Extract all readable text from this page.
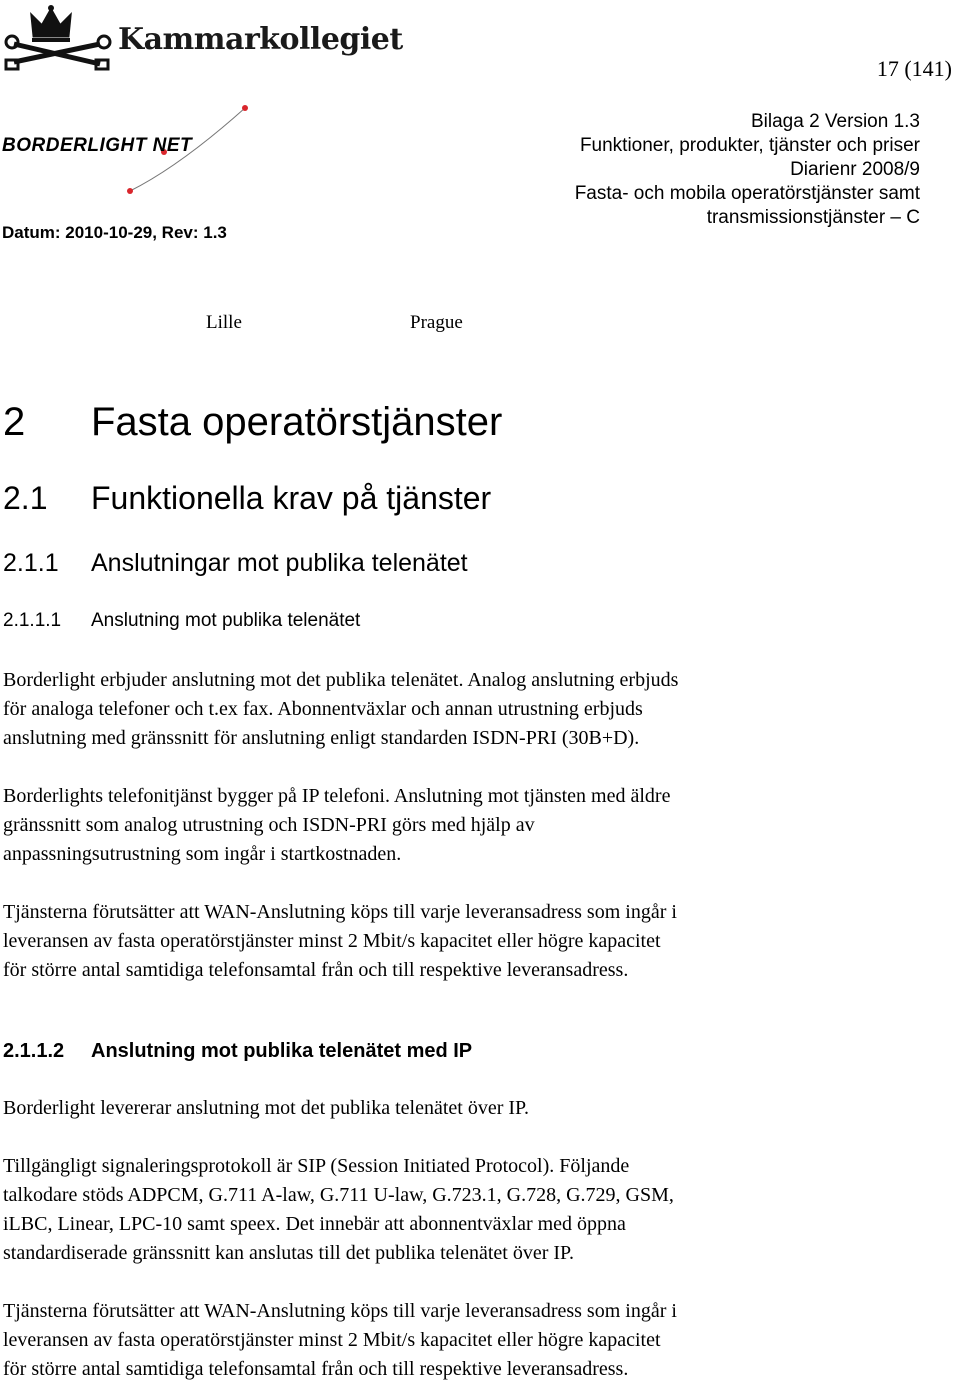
Kammarkollegiet
17 (141)
BORDERLIGHT NET
Datum: 2010-10-29, Rev: 1.3
Bilaga 2 Version 1.3
Funktioner, produkter, tjänster och priser
Diarienr 2008/9
Fasta- och mobila operatörstjänster samt
transmissionstjänster – C
Lille	Prague
2 Fasta operatörstjänster
2.1 Funktionella krav på tjänster
2.1.1 Anslutningar mot publika telenätet
2.1.1.1 Anslutning mot publika telenätet
Borderlight erbjuder anslutning mot det publika telenätet. Analog anslutning erbjuds
för analoga telefoner och t.ex fax. Abonnentväxlar och annan utrustning erbjuds
anslutning med gränssnitt för anslutning enligt standarden ISDN-PRI (30B+D).
Borderlights telefonitjänst bygger på IP telefoni. Anslutning mot tjänsten med äldre
gränssnitt som analog utrustning och ISDN-PRI görs med hjälp av
anpassningsutrustning som ingår i startkostnaden.
Tjänsterna förutsätter att WAN-Anslutning köps till varje leveransadress som ingår i
leveransen av fasta operatörstjänster minst 2 Mbit/s kapacitet eller högre kapacitet
för större antal samtidiga telefonsamtal från och till respektive leveransadress.
2.1.1.2 Anslutning mot publika telenätet med IP
Borderlight levererar anslutning mot det publika telenätet över IP.
Tillgängligt signaleringsprotokoll är SIP (Session Initiated Protocol). Följande
talkodare stöds ADPCM, G.711 A-law, G.711 U-law, G.723.1, G.728, G.729, GSM,
iLBC, Linear, LPC-10 samt speex. Det innebär att abonnentväxlar med öppna
standardiserade gränssnitt kan anslutas till det publika telenätet över IP.
Tjänsterna förutsätter att WAN-Anslutning köps till varje leveransadress som ingår i
leveransen av fasta operatörstjänster minst 2 Mbit/s kapacitet eller högre kapacitet
för större antal samtidiga telefonsamtal från och till respektive leveransadress.
